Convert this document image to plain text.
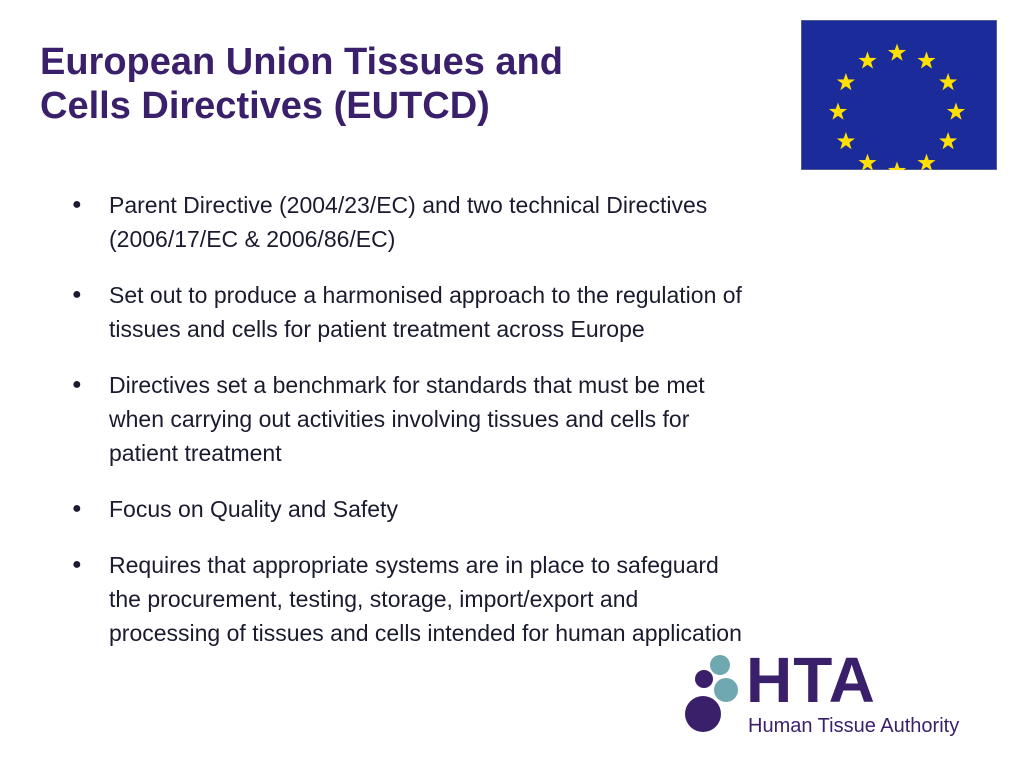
European Union Tissues and
Cells Directives (EUTCD)
● Parent Directive (2004/23/EC) and two technical Directives
(2006/17/EC & 2006/86/EC)
● Set out to produce a harmonised approach to the regulation of
tissues and cells for patient treatment across Europe
● Directives set a benchmark for standards that must be met
when carrying out activities involving tissues and cells for
patient treatment
● Focus on Quality and Safety
● Requires that appropriate systems are in place to safeguard
the procurement, testing, storage, import/export and
processing of tissues and cells intended for human application
HTA
Human Tissue Authority
